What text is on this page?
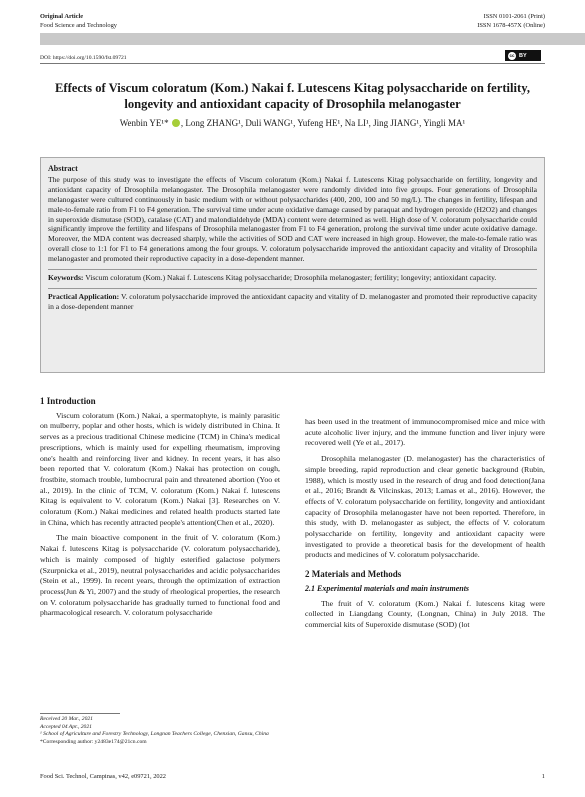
Original Article
Food Science and Technology
ISSN 0101-2061 (Print)
ISSN 1678-457X (Online)
DOI: https://doi.org/10.1590/fst.09721	cc BY
Effects of Viscum coloratum (Kom.) Nakai f. Lutescens Kitag polysaccharide on fertility, longevity and antioxidant capacity of Drosophila melanogaster
Wenbin YE¹* , Long ZHANG¹, Duli WANG¹, Yufeng HE¹, Na LI¹, Jing JIANG¹, Yingli MA¹
Abstract

The purpose of this study was to investigate the effects of Viscum coloratum (Kom.) Nakai f. Lutescens Kitag polysaccharide on fertility, longevity and antioxidant capacity of Drosophila melanogaster. The Drosophila melanogaster were randomly divided into five groups. Four generations of Drosophila melanogaster were cultured continuously in basic medium with or without polysaccharides (400, 200, 100 and 50 mg/L). The changes in fertility, lifespan and male-to-female ratio from F1 to F4 generation. The survival time under acute oxidative damage caused by paraquat and hydrogen peroxide (H2O2) and changes in superoxide dismutase (SOD), catalase (CAT) and malondialdehyde (MDA) content were determined as well. High dose of V. coloratum polysaccharide could significantly improve the fertility and lifespans of Drosophila melanogaster from F1 to F4 generation, prolong the survival time under acute oxidative damage. Moreover, the MDA content was decreased sharply, while the activities of SOD and CAT were increased in high group. However, the male-to-female ratio was overall close to 1:1 for F1 to F4 generations among the four groups. V. coloratum polysaccharide improved the antioxidant capacity and vitality of Drosophila melanogaster and promoted their reproductive capacity in a dose-dependent manner.

Keywords: Viscum coloratum (Kom.) Nakai f. Lutescens Kitag polysaccharide; Drosophila melanogaster; fertility; longevity; antioxidant capacity.

Practical Application: V. coloratum polysaccharide improved the antioxidant capacity and vitality of D. melanogaster and promoted their reproductive capacity in a dose-dependent manner

1 Introduction

Viscum coloratum (Kom.) Nakai, a spermatophyte, is mainly parasitic on mulberry, poplar and other hosts, which is widely distributed in China. It serves as a precious traditional Chinese medicine (TCM) in China's medical prescriptions, which is mainly used for expelling rheumatism, improving one's health and reinforcing liver and kidney. In recent years, it has also been reported that V. coloratum (Kom.) Nakai has protection on cough, frostbite, stomach trouble, lumbocrural pain and threatened abortion (Yoo et al., 2019). In the clinic of TCM, V. coloratum (Kom.) Nakai f. lutescens Kitag is equivalent to V. coloratum (Kom.) Nakai [3]. Researches on V. coloratum (Kom.) Nakai medicines and related health products started late in China, which has recently attracted people's attention(Chen et al., 2020).

The main bioactive component in the fruit of V. coloratum (Kom.) Nakai f. lutescens Kitag is polysaccharide (V. coloratum polysaccharide), which is mainly composed of highly esterified galactose polymers (Szurpnicka et al., 2019), neutral polysaccharides and acidic polysaccharides (Stein et al., 1999). In recent years, through the optimization of extraction process(Jun & Yi, 2007) and the study of rheological properties, the research on V. coloratum polysaccharide has gradually turned to functional food and pharmacological research. V. coloratum polysaccharide

has been used in the treatment of immunocompromised mice and mice with acute alcoholic liver injury, and the immune function and liver injury were recovered well (Ye et al., 2017).

Drosophila melanogaster (D. melanogaster) has the characteristics of simple breeding, rapid reproduction and clear genetic background (Rubin, 1988), which is mostly used in the research of drug and food detection(Jana et al., 2016; Brandt & Vilcinskas, 2013; Lamas et al., 2016). However, the effects of V. coloratum polysaccharide on fertility, longevity and antioxidant capacity of Drosophila melanogaster have not been reported. Therefore, in this study, with D. melanogaster as subject, the effects of V. coloratum polysaccharide on fertility, longevity and antioxidant capacity were investigated to provide a theoretical basis for the development of health products and medicines of V. coloratum polysaccharide.

2 Materials and Methods
2.1 Experimental materials and main instruments

The fruit of V. coloratum (Kom.) Nakai f. lutescens kitag were collected in Liangdang County, (Longnan, China) in July 2018. The commercial kits of Superoxide dismutase (SOD) (lot

Received 20 Mar., 2021
Accepted 04 Apr., 2021
¹ School of Agriculture and Forestry Technology, Longnan Teachers College, Chenxian, Gansu, China
*Corresponding author: y2483e174@21cn.com
Food Sci. Technol, Campinas, v42, e09721, 2022	1
